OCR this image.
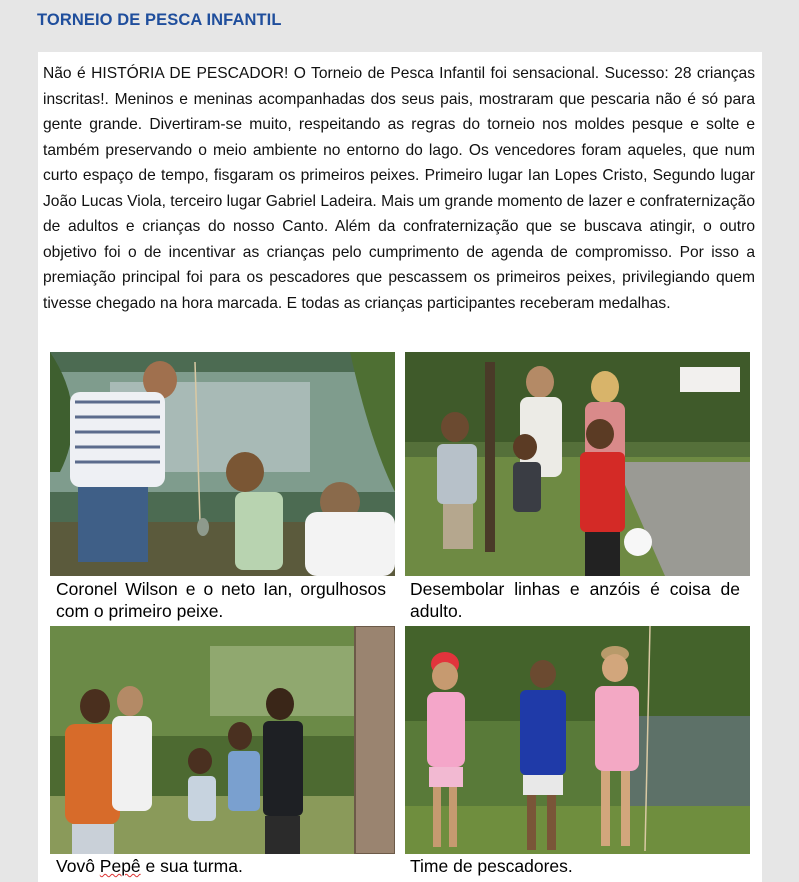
TORNEIO DE PESCA INFANTIL

Não é HISTÓRIA DE PESCADOR! O Torneio de Pesca Infantil foi sensacional. Sucesso: 28 crianças inscritas!. Meninos e meninas acompanhadas dos seus pais, mostraram que pescaria não é só para gente grande. Divertiram-se muito, respeitando as regras do torneio nos moldes pesque e solte e também preservando o meio ambiente no entorno do lago. Os vencedores foram aqueles, que num curto espaço de tempo, fisgaram os primeiros peixes. Primeiro lugar Ian Lopes Cristo, Segundo lugar João Lucas Viola, terceiro lugar Gabriel Ladeira. Mais um grande momento de lazer e confraternização de adultos e crianças do nosso Canto. Além da confraternização que se buscava atingir, o outro objetivo foi o de incentivar as crianças pelo cumprimento de agenda de compromisso. Por isso a premiação principal foi para os pescadores que pescassem os primeiros peixes, privilegiando quem tivesse chegado na hora marcada. E todas as crianças participantes receberam medalhas.

Coronel Wilson e o neto Ian, orgulhosos com o primeiro peixe.
Desembolar linhas e anzóis é coisa de adulto.
Vovô Pepê e sua turma.	Time de pescadores.
